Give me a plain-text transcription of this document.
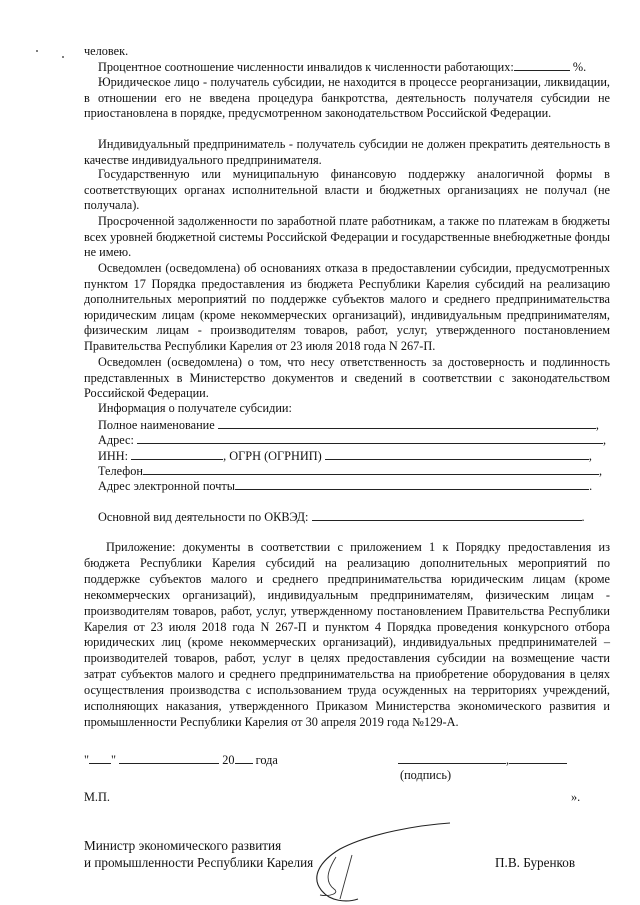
человек.
Процентное соотношение численности инвалидов к численности работающих:	%.
Юридическое лицо - получатель субсидии, не находится в процессе реорганизации, ликвидации, в отношении его не введена процедура банкротства, деятельность получателя субсидии не приостановлена в порядке, предусмотренном законодательством Российской Федерации.
Индивидуальный предприниматель - получатель субсидии не должен прекратить деятельность в качестве индивидуального предпринимателя.
Государственную или муниципальную финансовую поддержку аналогичной формы в соответствующих органах исполнительной власти и бюджетных организациях не получал (не получала).
Просроченной задолженности по заработной плате работникам, а также по платежам в бюджеты всех уровней бюджетной системы Российской Федерации и государственные внебюджетные фонды не имею.
Осведомлен (осведомлена) об основаниях отказа в предоставлении субсидии, предусмотренных пунктом 17 Порядка предоставления из бюджета Республики Карелия субсидий на реализацию дополнительных мероприятий по поддержке субъектов малого и среднего предпринимательства юридическим лицам (кроме некоммерческих организаций), индивидуальным предпринимателям, физическим лицам - производителям товаров, работ, услуг, утвержденного постановлением Правительства Республики Карелия от 23 июля 2018 года N 267-П.
Осведомлен (осведомлена) о том, что несу ответственность за достоверность и подлинность представленных в Министерство документов и сведений в соответствии с законодательством Российской Федерации.
Информация о получателе субсидии:
Полное наименование	,
Адрес:	,
ИНН:	, ОГРН (ОГРНИП)	,
Телефон	,
Адрес электронной почты	.
Основной вид деятельности по ОКВЭД:	.
Приложение: документы в соответствии с приложением 1 к Порядку предоставления из бюджета Республики Карелия субсидий на реализацию дополнительных мероприятий по поддержке субъектов малого и среднего предпринимательства юридическим лицам (кроме некоммерческих организаций), индивидуальным предпринимателям, физическим лицам - производителям товаров, работ, услуг, утвержденному постановлением Правительства Республики Карелия от 23 июля 2018 года N 267-П и пунктом 4 Порядка проведения конкурсного отбора юридических лиц (кроме некоммерческих организаций), индивидуальных предпринимателей – производителей товаров, работ, услуг в целях предоставления субсидии на возмещение части затрат субъектов малого и среднего предпринимательства на приобретение оборудования в целях осуществления производства с использованием труда осужденных на территориях учреждений, исполняющих наказания, утвержденного Приказом Министерства экономического развития и промышленности Республики Карелия от 30 апреля 2019 года №129-А.
" "	20 года	,
(подпись)
М.П.	».
Министр экономического развития
и промышленности Республики Карелия	П.В. Буренков
